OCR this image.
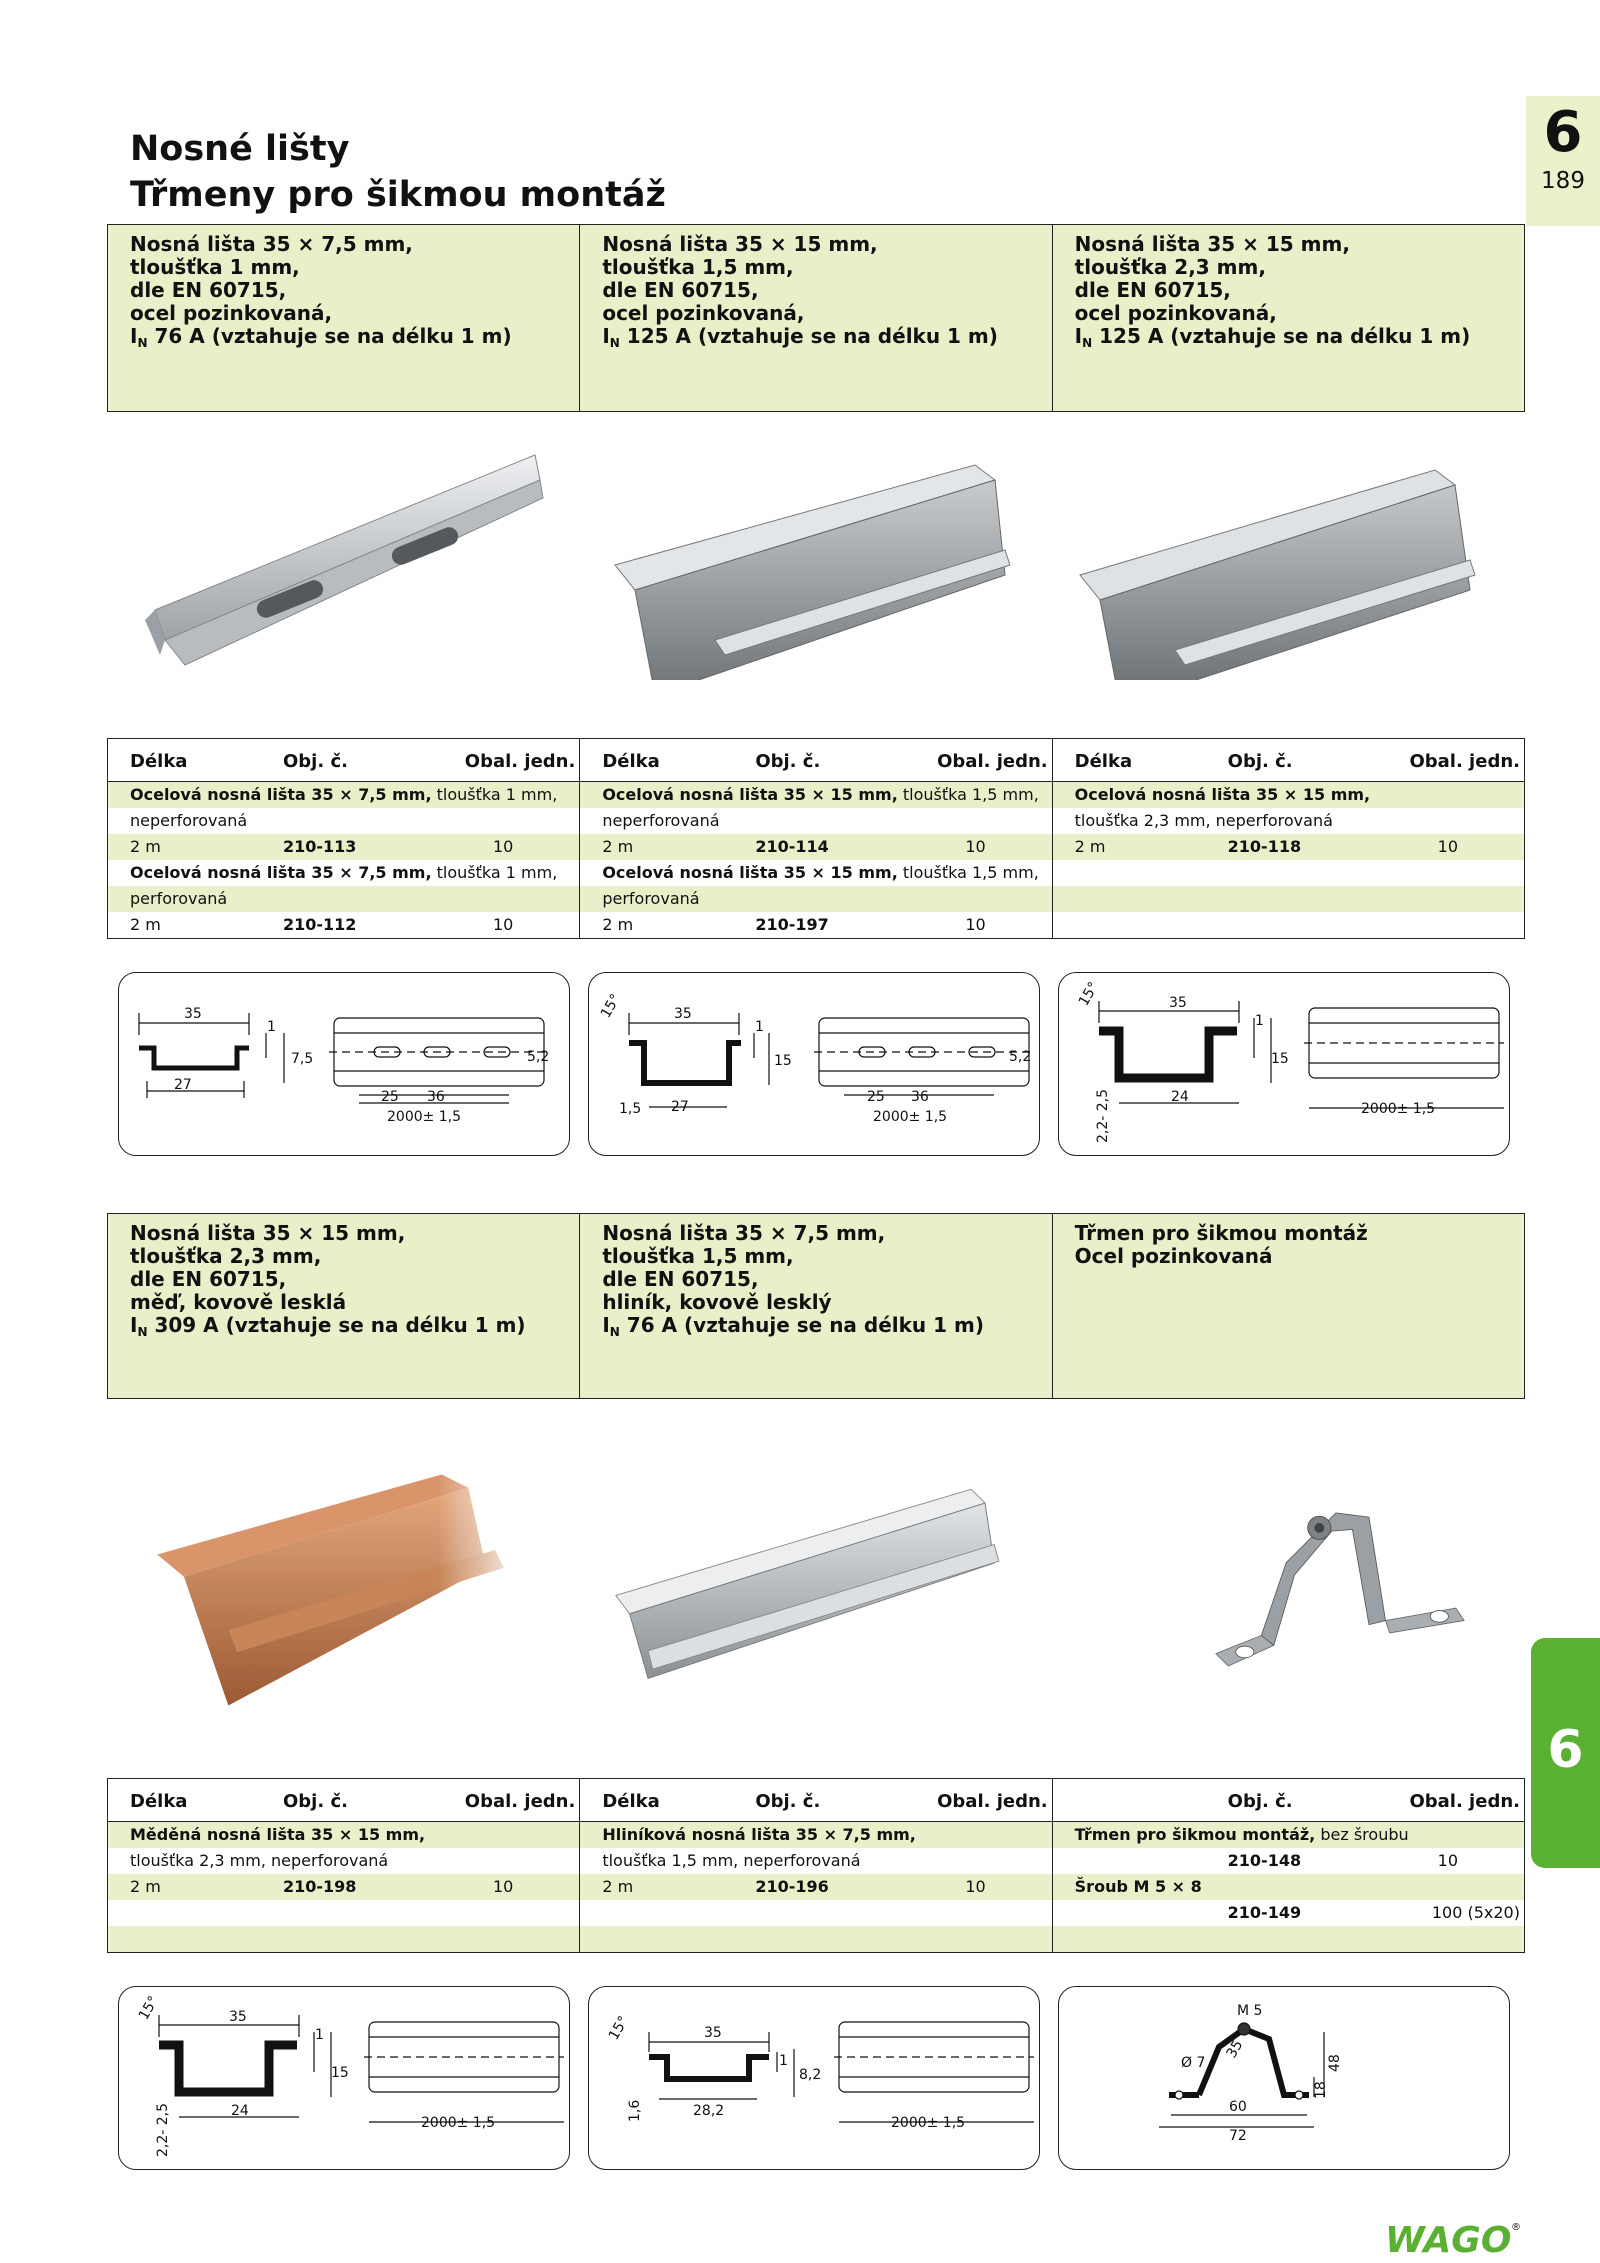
Nosné lišty
Třmeny pro šikmou montáž
6
189
6
Nosná lišta 35 × 7,5 mm,
tloušťka 1 mm,
dle EN 60715,
ocel pozinkovaná,
$I_N$ 76 A (vztahuje se na délku 1 m)
Nosná lišta 35 × 15 mm,
tloušťka 1,5 mm,
dle EN 60715,
ocel pozinkovaná,
$I_N$ 125 A (vztahuje se na délku 1 m)
Nosná lišta 35 × 15 mm,
tloušťka 2,3 mm,
dle EN 60715,
ocel pozinkovaná,
$I_N$ 125 A (vztahuje se na délku 1 m)
Délka	Obj. č.	Obal. jedn.
Ocelová nosná lišta 35 × 7,5 mm, tloušťka 1 mm,
neperforovaná
2 m	210-113	10
Ocelová nosná lišta 35 × 7,5 mm, tloušťka 1 mm,
perforovaná
2 m	210-112	10
Délka	Obj. č.	Obal. jedn.
Ocelová nosná lišta 35 × 15 mm, tloušťka 1,5 mm,
neperforovaná
2 m	210-114	10
Ocelová nosná lišta 35 × 15 mm, tloušťka 1,5 mm,
perforovaná
2 m	210-197	10
Délka	Obj. č.	Obal. jedn.
Ocelová nosná lišta 35 × 15 mm,
tloušťka 2,3 mm, neperforovaná
2 m	210-118	10
35
27
1
7,5	5,2
25 36
2000± 1,5
15°	35
27
1
15
1,5
5,2
25 36
2000± 1,5
15°	35
24
1
15
2,2- 2,5	2000± 1,5
Nosná lišta 35 × 15 mm,
tloušťka 2,3 mm,
dle EN 60715,
měď, kovově lesklá
$I_N$ 309 A (vztahuje se na délku 1 m)
Nosná lišta 35 × 7,5 mm,
tloušťka 1,5 mm,
dle EN 60715,
hliník, kovově lesklý
$I_N$ 76 A (vztahuje se na délku 1 m)
Třmen pro šikmou montáž
Ocel pozinkovaná
Délka	Obj. č.	Obal. jedn.
Měděná nosná lišta 35 × 15 mm,
tloušťka 2,3 mm, neperforovaná
2 m	210-198	10
Délka	Obj. č.	Obal. jedn.
Hliníková nosná lišta 35 × 7,5 mm,
tloušťka 1,5 mm, neperforovaná
2 m	210-196	10
Obj. č.	Obal. jedn.
Třmen pro šikmou montáž, bez šroubu
210-148	10
Šroub M 5 × 8
210-149	100 (5x20)
15°	35
24
1
15
2,2- 2,5	2000± 1,5
15°	35
28,2
1
8,2
1,6
2000± 1,5
M 5
Ø 7
35
48
18
60
72
WAGO ®
